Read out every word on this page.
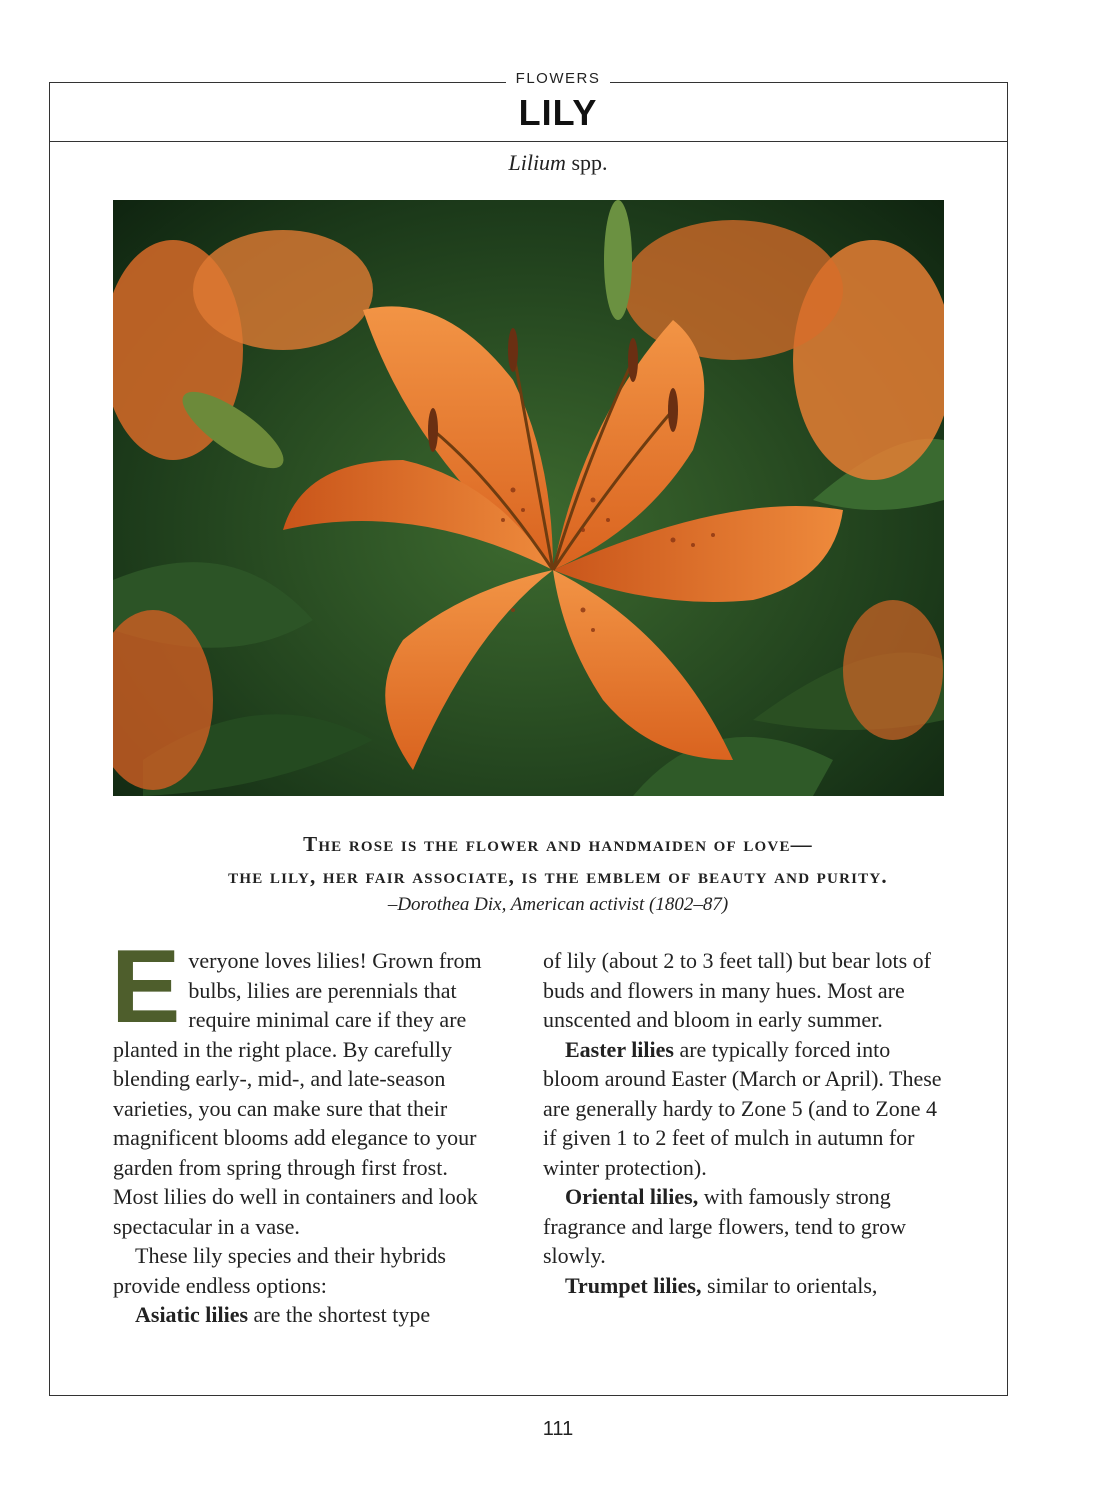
FLOWERS
LILY
Lilium spp.
The rose is the flower and handmaiden of love—
the lily, her fair associate, is the emblem of beauty and purity.
–Dorothea Dix, American activist (1802–87)

Everyone loves lilies! Grown from bulbs, lilies are perennials that require minimal care if they are planted in the right place. By carefully blending early-, mid-, and late-season varieties, you can make sure that their magnificent blooms add elegance to your garden from spring through first frost. Most lilies do well in containers and look spectacular in a vase.

These lily species and their hybrids provide endless options:

Asiatic lilies are the shortest type

of lily (about 2 to 3 feet tall) but bear lots of buds and flowers in many hues. Most are unscented and bloom in early summer.

Easter lilies are typically forced into bloom around Easter (March or April). These are generally hardy to Zone 5 (and to Zone 4 if given 1 to 2 feet of mulch in autumn for winter protection).

Oriental lilies, with famously strong fragrance and large flowers, tend to grow slowly.

Trumpet lilies, similar to orientals,

111
